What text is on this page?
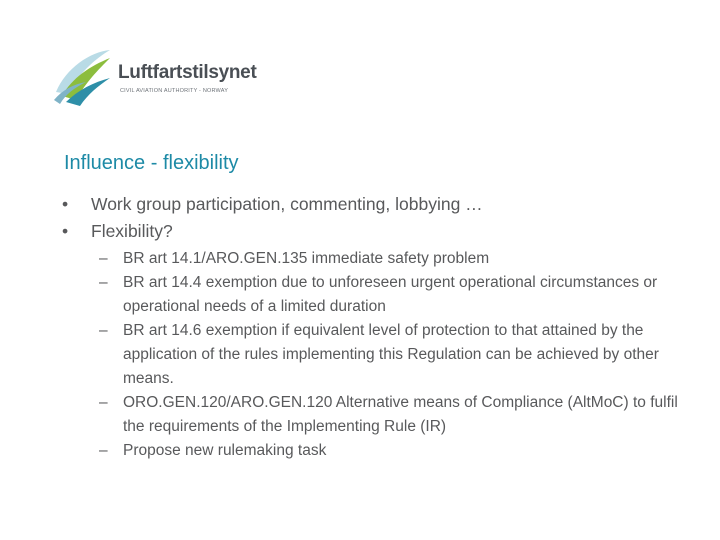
Luftfartstilsynet
CIVIL AVIATION AUTHORITY - NORWAY
Influence - flexibility
• Work group participation, commenting, lobbying …
• Flexibility?
– BR art 14.1/ARO.GEN.135 immediate safety problem
– BR art 14.4 exemption due to unforeseen urgent operational circumstances or operational needs of a limited duration
– BR art 14.6 exemption if equivalent level of protection to that attained by the application of the rules implementing this Regulation can be achieved by other means.
– ORO.GEN.120/ARO.GEN.120 Alternative means of Compliance (AltMoC) to fulfil the requirements of the Implementing Rule (IR)
– Propose new rulemaking task
